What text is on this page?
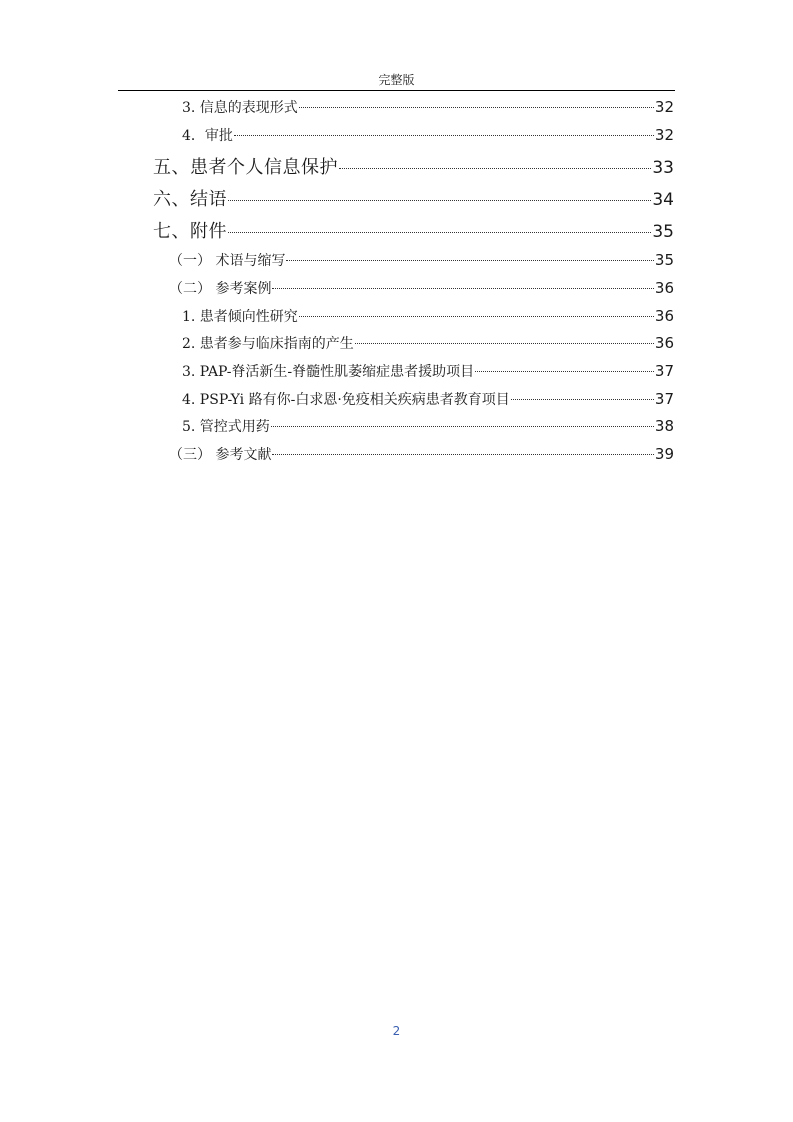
完整版
3. 信息的表现形式	32
4．审批	32
五、患者个人信息保护	33
六、结语	34
七、附件	35
（一） 术语与缩写	35
（二） 参考案例	36
1. 患者倾向性研究	36
2. 患者参与临床指南的产生	36
3. PAP-脊活新生-脊髓性肌萎缩症患者援助项目	37
4. PSP-Yi 路有你-白求恩·免疫相关疾病患者教育项目	37
5. 管控式用药	38
（三） 参考文献	39
2
